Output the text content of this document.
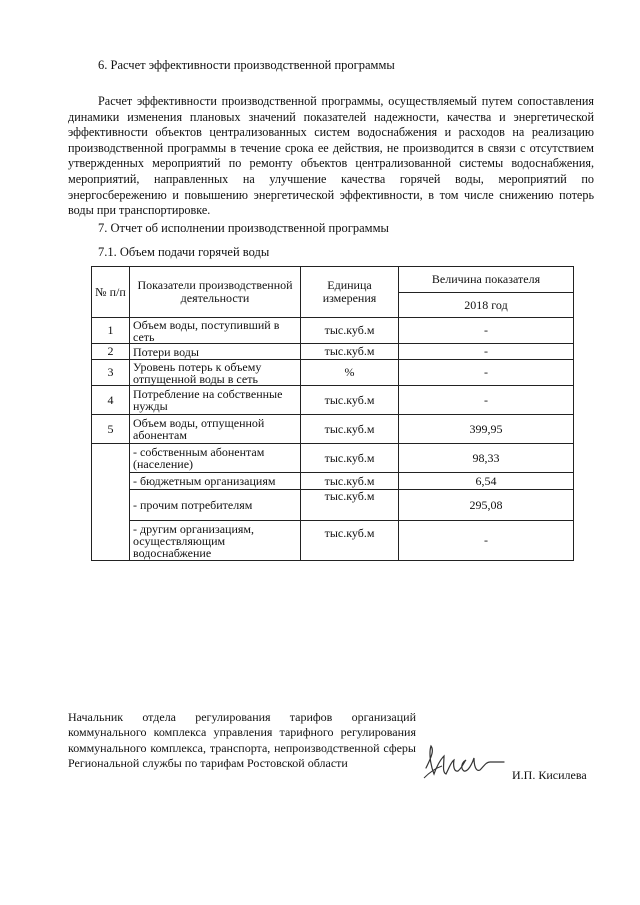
6. Расчет эффективности производственной программы
Расчет эффективности производственной программы, осуществляемый путем сопоставления динамики изменения плановых значений показателей надежности, качества и энергетической эффективности объектов централизованных систем водоснабжения и расходов на реализацию производственной программы в течение срока ее действия, не производится в связи с отсутствием утвержденных мероприятий по ремонту объектов централизованной системы водоснабжения, мероприятий, направленных на улучшение качества горячей воды, мероприятий по энергосбережению и повышению энергетической эффективности, в том числе снижению потерь воды при транспортировке.
7. Отчет об исполнении производственной программы
7.1. Объем подачи горячей воды
№ п/п	Показатели производственной деятельности	Единица измерения	Величина показателя
			2018 год
1	Объем воды, поступивший в сеть	тыс.куб.м	-
2	Потери воды	тыс.куб.м	-
3	Уровень потерь к объему отпущенной воды в сеть	%	-
4	Потребление на собственные нужды	тыс.куб.м	-
5	Объем воды, отпущенной абонентам	тыс.куб.м	399,95
	- собственным абонентам (население)	тыс.куб.м	98,33
	- бюджетным организациям	тыс.куб.м	6,54
	- прочим потребителям	тыс.куб.м	295,08
	- другим организациям, осуществляющим водоснабжение	тыс.куб.м	-
Начальник отдела регулирования тарифов организаций коммунального комплекса управления тарифного регулирования коммунального комплекса, транспорта, непроизводственной сферы Региональной службы по тарифам Ростовской области
И.П. Кисилева
